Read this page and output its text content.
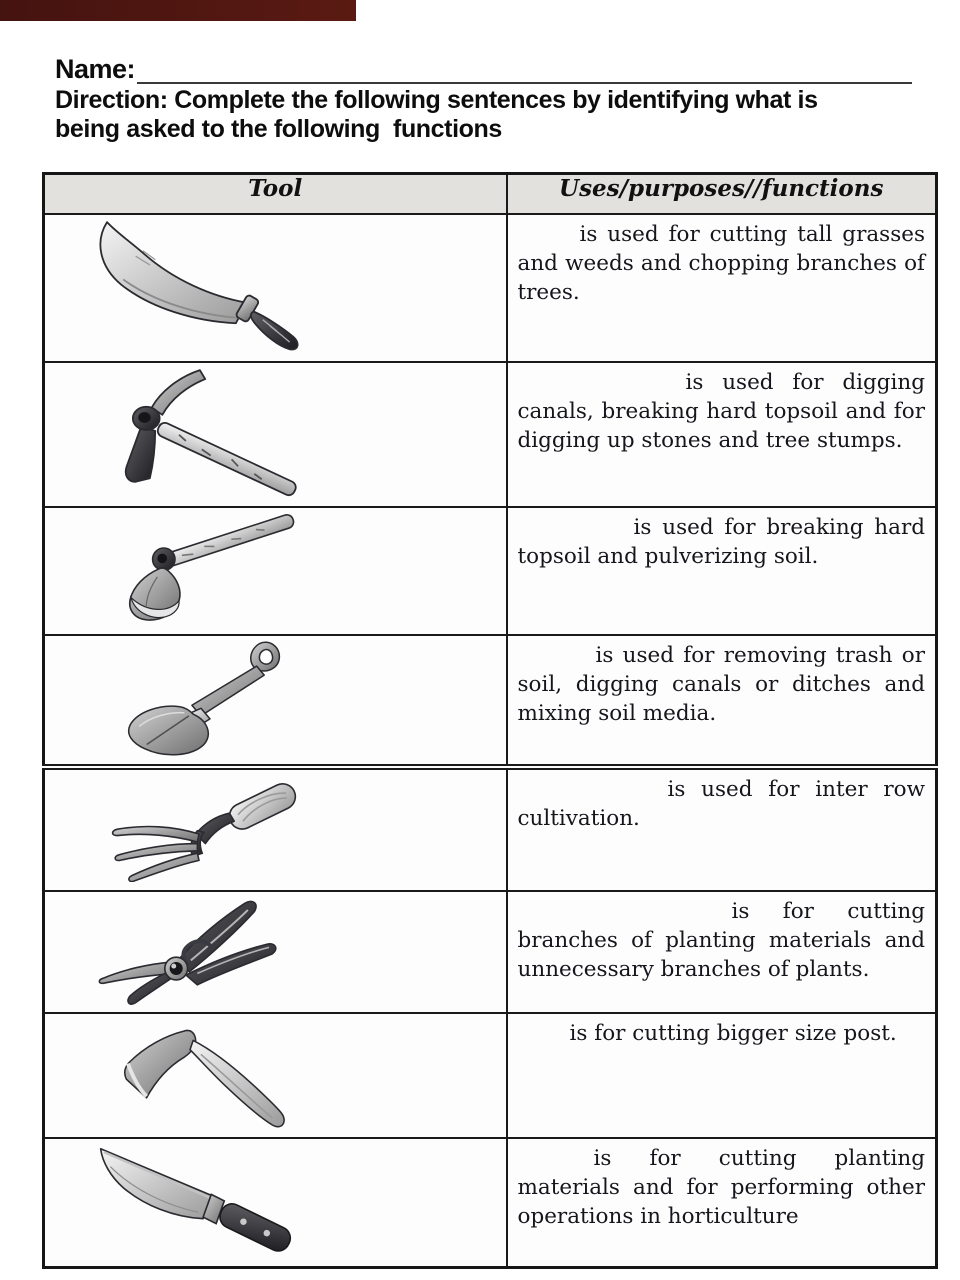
Name:
Direction: Complete the following sentences by identifying what is
being asked to the following  functions
Tool	Uses/purposes//functions

is used for cutting tall grasses and weeds and chopping branches of trees.

is used for digging canals, breaking hard topsoil and for digging up stones and tree stumps.

is used for breaking hard topsoil and pulverizing soil.

is used for removing trash or soil, digging canals or ditches and mixing soil media.

is used for inter row cultivation.

is for cutting branches of planting materials and unnecessary branches of plants.

is for cutting bigger size post.

is for cutting planting materials and for performing other operations in horticulture
